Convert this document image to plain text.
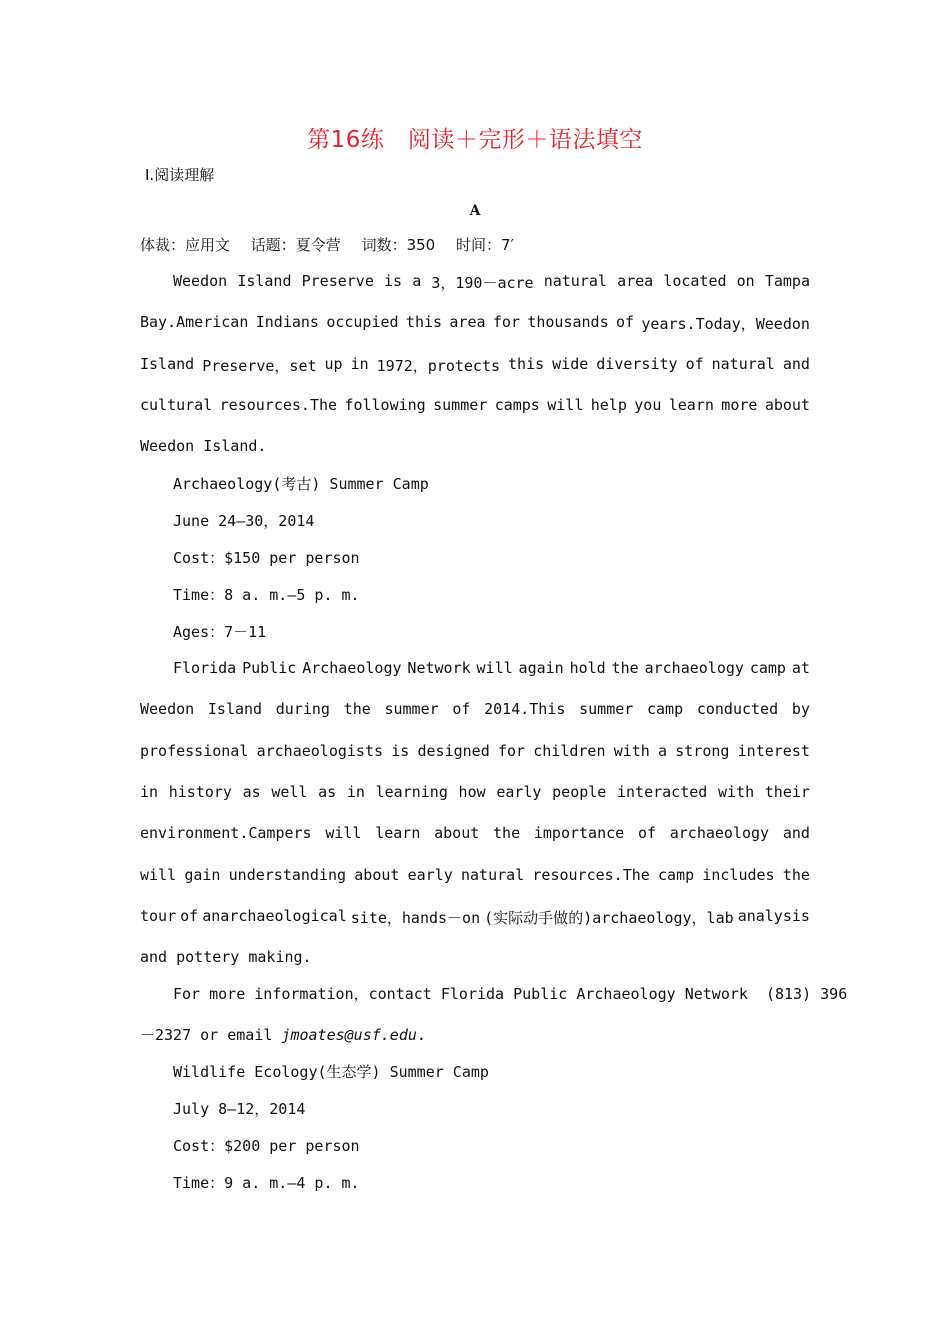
第16练　阅读＋完形＋语法填空
Ⅰ.阅读理解
A
体裁：应用文 话题：夏令营 词数：350 时间：7′
Weedon Island Preserve is a 3，190－acre natural area located on Tampa
Bay.American Indians occupied this area for thousands of years.Today，Weedon
Island Preserve，set up in 1972，protects this wide diversity of natural and
cultural resources.The following summer camps will help you learn more about
Weedon Island.
Archaeology(考古) Summer Camp
June 24—30，2014
Cost：$150 per person
Time：8 a. m.—5 p. m.
Ages：7－11
Florida Public Archaeology Network will again hold the archaeology camp at
Weedon Island during the summer of 2014.This summer camp conducted by
professional archaeologists is designed for children with a strong interest
in history as well as in learning how early people interacted with their
environment.Campers will learn about the importance of archaeology and
will gain understanding about early natural resources.The camp includes the
tour of anarchaeological site，hands－on (实际动手做的)archaeology，lab analysis
and pottery making.
For more information，contact Florida Public Archaeology Network  (813) 396
－2327 or email jmoates@usf.edu.
Wildlife Ecology(生态学) Summer Camp
July 8—12，2014
Cost：$200 per person
Time：9 a. m.—4 p. m.
